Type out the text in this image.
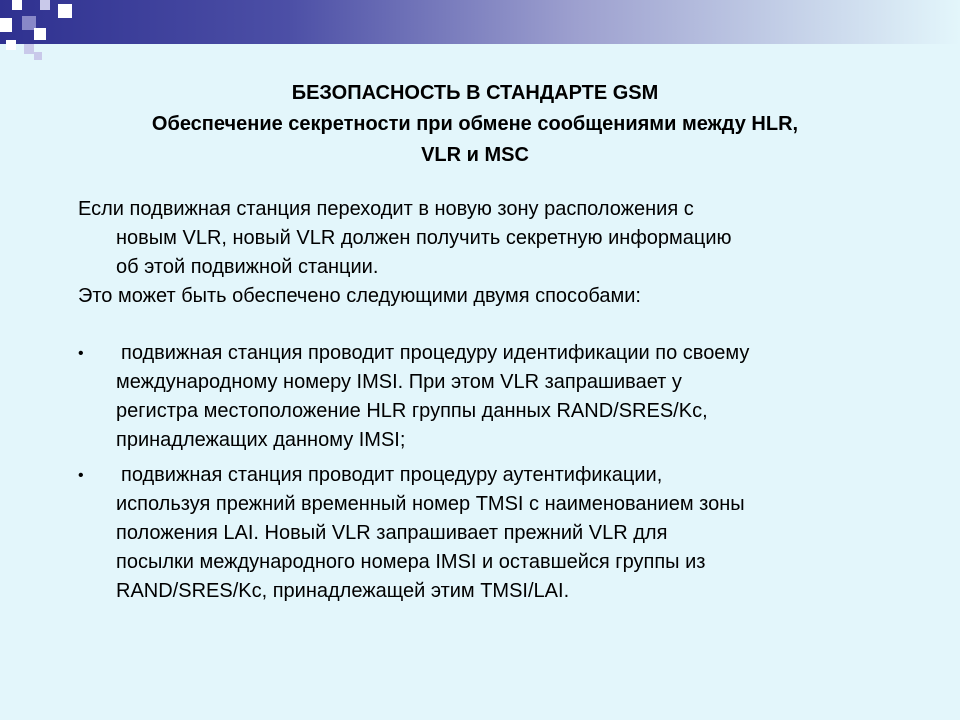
БЕЗОПАСНОСТЬ В СТАНДАРТЕ GSM
Обеспечение секретности при обмене сообщениями между HLR,
VLR и MSC
Если подвижная станция переходит в новую зону расположения с
новым VLR, новый VLR должен получить секретную информацию
об этой подвижной станции.
Это может быть обеспечено следующими двумя способами:
• подвижная станция проводит процедуру идентификации по своему
международному номеру IMSI. При этом VLR запрашивает у
регистра местоположение HLR группы данных RAND/SRES/Kc,
принадлежащих данному IMSI;
• подвижная станция проводит процедуру аутентификации,
используя прежний временный номер TMSI с наименованием зоны
положения LAI. Новый VLR запрашивает прежний VLR для
посылки международного номера IMSI и оставшейся группы из
RAND/SRES/Kc, принадлежащей этим TMSI/LAI.
